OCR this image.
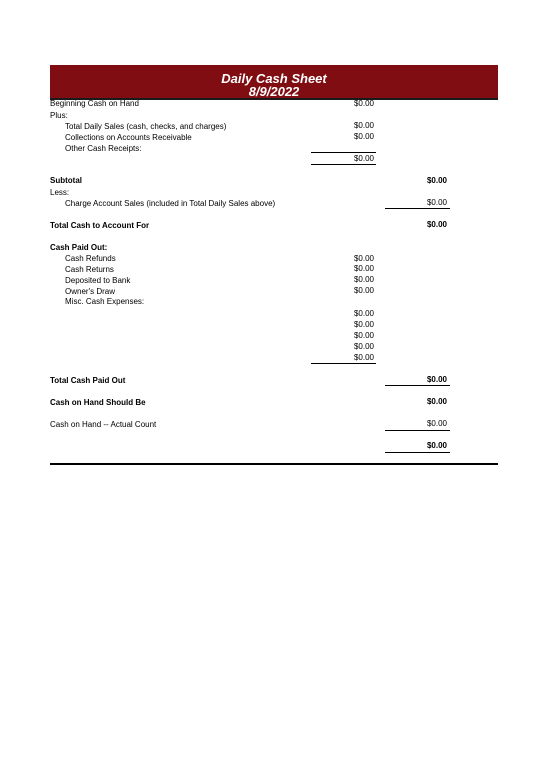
Daily Cash Sheet
8/9/2022
Beginning Cash on Hand	$0.00
Plus:
Total Daily Sales (cash, checks, and charges)	$0.00
Collections on Accounts Receivable	$0.00
Other Cash Receipts:
$0.00
Subtotal	$0.00
Less:
Charge Account Sales (included in Total Daily Sales above)	$0.00
Total Cash to Account For	$0.00
Cash Paid Out:
Cash Refunds	$0.00
Cash Returns	$0.00
Deposited to Bank	$0.00
Owner's Draw	$0.00
Misc. Cash Expenses:
$0.00
$0.00
$0.00
$0.00
$0.00
Total Cash Paid Out	$0.00
Cash on Hand Should Be	$0.00
Cash on Hand -- Actual Count	$0.00
$0.00
